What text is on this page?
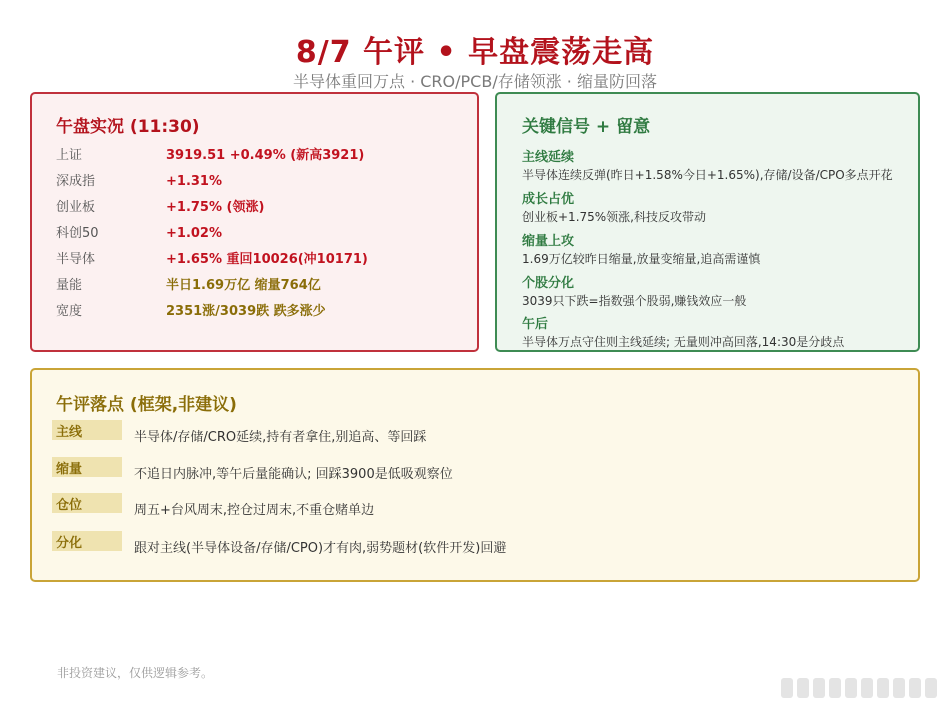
8/7 午评 • 早盘震荡走高
半导体重回万点 · CRO/PCB/存储领涨 · 缩量防回落
午盘实况 (11:30)
上证	3919.51 +0.49% (新高3921)
深成指	+1.31%
创业板	+1.75% (领涨)
科创50	+1.02%
半导体	+1.65% 重回10026(冲10171)
量能	半日1.69万亿 缩量764亿
宽度	2351涨/3039跌 跌多涨少
关键信号 + 留意
主线延续
半导体连续反弹(昨日+1.58%今日+1.65%),存储/设备/CPO多点开花
成长占优
创业板+1.75%领涨,科技反攻带动
缩量上攻
1.69万亿较昨日缩量,放量变缩量,追高需谨慎
个股分化
3039只下跌=指数强个股弱,赚钱效应一般
午后
半导体万点守住则主线延续; 无量则冲高回落,14:30是分歧点
午评落点 (框架,非建议)
主线	半导体/存储/CRO延续,持有者拿住,别追高、等回踩
缩量	不追日内脉冲,等午后量能确认; 回踩3900是低吸观察位
仓位	周五+台风周末,控仓过周末,不重仓赌单边
分化	跟对主线(半导体设备/存储/CPO)才有肉,弱势题材(软件开发)回避
非投资建议，仅供逻辑参考。
